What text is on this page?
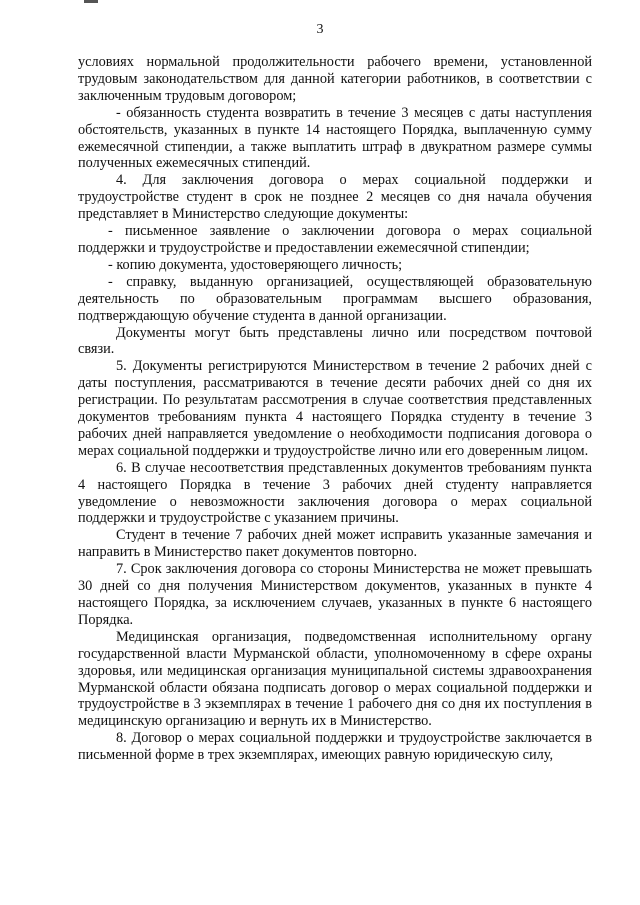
3

условиях нормальной продолжительности рабочего времени, установленной трудовым законодательством для данной категории работников, в соответствии с заключенным трудовым договором;

- обязанность студента возвратить в течение 3 месяцев с даты наступления обстоятельств, указанных в пункте 14 настоящего Порядка, выплаченную сумму ежемесячной стипендии, а также выплатить штраф в двукратном размере суммы полученных ежемесячных стипендий.

4. Для заключения договора о мерах социальной поддержки и трудоустройстве студент в срок не позднее 2 месяцев со дня начала обучения представляет в Министерство следующие документы:

- письменное заявление о заключении договора о мерах социальной поддержки и трудоустройстве и предоставлении ежемесячной стипендии;

- копию документа, удостоверяющего личность;

- справку, выданную организацией, осуществляющей образовательную деятельность по образовательным программам высшего образования, подтверждающую обучение студента в данной организации.

Документы могут быть представлены лично или посредством почтовой связи.

5. Документы регистрируются Министерством в течение 2 рабочих дней с даты поступления, рассматриваются в течение десяти рабочих дней со дня их регистрации. По результатам рассмотрения в случае соответствия представленных документов требованиям пункта 4 настоящего Порядка студенту в течение 3 рабочих дней направляется уведомление о необходимости подписания договора о мерах социальной поддержки и трудоустройстве лично или его доверенным лицом.

6. В случае несоответствия представленных документов требованиям пункта 4 настоящего Порядка в течение 3 рабочих дней студенту направляется уведомление о невозможности заключения договора о мерах социальной поддержки и трудоустройстве с указанием причины.

Студент в течение 7 рабочих дней может исправить указанные замечания и направить в Министерство пакет документов повторно.

7. Срок заключения договора со стороны Министерства не может превышать 30 дней со дня получения Министерством документов, указанных в пункте 4 настоящего Порядка, за исключением случаев, указанных в пункте 6 настоящего Порядка.

Медицинская организация, подведомственная исполнительному органу государственной власти Мурманской области, уполномоченному в сфере охраны здоровья, или медицинская организация муниципальной системы здравоохранения Мурманской области обязана подписать договор о мерах социальной поддержки и трудоустройстве в 3 экземплярах в течение 1 рабочего дня со дня их поступления в медицинскую организацию и вернуть их в Министерство.

8. Договор о мерах социальной поддержки и трудоустройстве заключается в письменной форме в трех экземплярах, имеющих равную юридическую силу,
